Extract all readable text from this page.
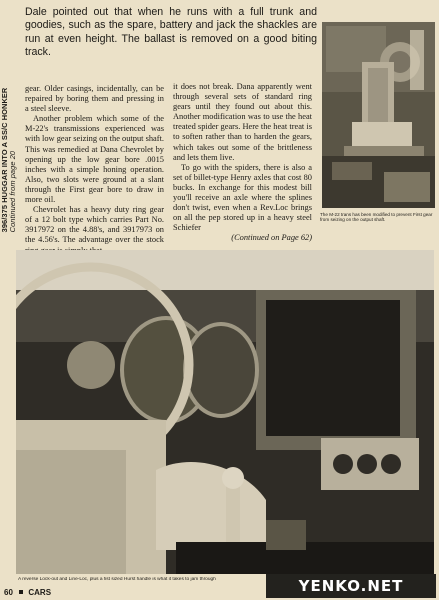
396/375 HUGGAR INTO A SS/C HONKER Continued from page 20
Dale pointed out that when he runs with a full trunk and goodies, such as the spare, battery and jack the shackles are run at even height. The ballast is removed on a good biting track.

gear. Older casings, incidentally, can be repaired by boring them and pressing in a steel sleeve.

Another problem which some of the M-22's transmissions experienced was with low gear seizing on the output shaft. This was remedied at Dana Chevrolet by opening up the low gear bore .0015 inches with a simple honing operation. Also, two slots were ground at a slant through the First gear bore to draw in more oil.

Chevrolet has a heavy duty ring gear of a 12 bolt type which carries Part No. 3917972 on the 4.88's, and 3917973 on the 4.56's. The advantage over the stock

it does not break. Dana apparently went through several sets of standard ring gears until they found out about this. Another modification was to use the heat treated spider gears. Here the heat treat is to soften rather than to harden the gears, which takes out some of the brittleness and lets them live.

To go with the spiders, there is also a set of billet-type Henry axles that cost 80 bucks. In exchange for this modest bill you'll receive an axle where the splines don't twist, even when a Rev.Loc brings on all the pep stored up in a heavy steel Schiefer

(Continued on Page 62)
The M-22 trans has been modified to prevent First gear from seizing on the output shaft.
A reverse Lock-out and Line-Loc, plus a fist sized Hurst handle is what it takes to jam through
60 CARS	YENKO.NET
